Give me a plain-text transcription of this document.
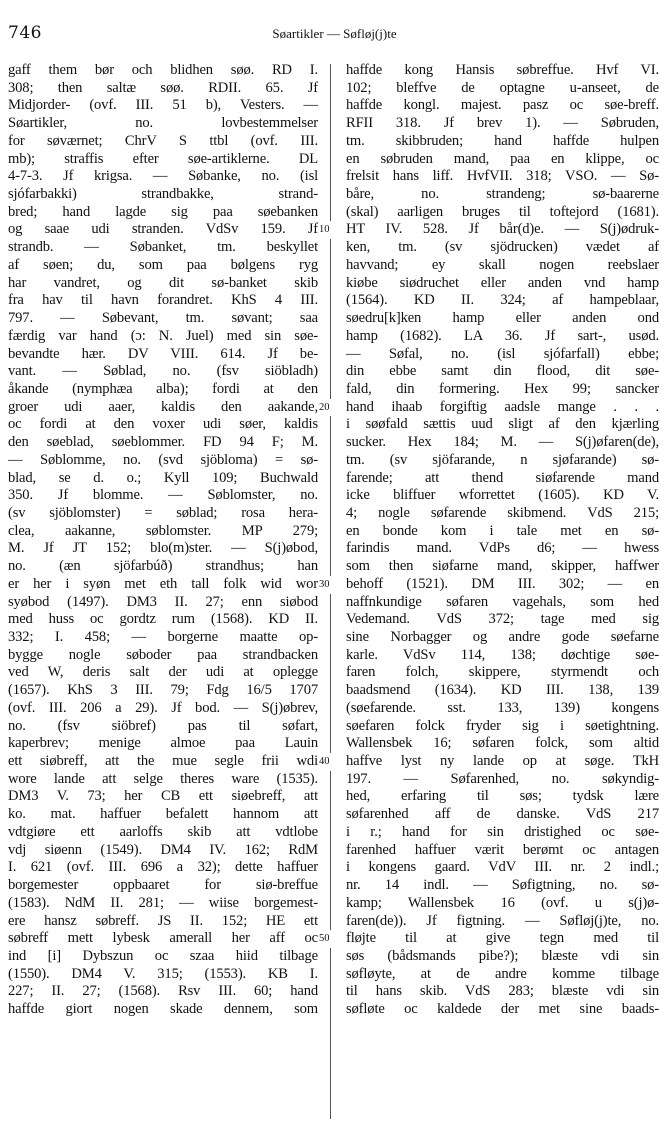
746	Søartikler — Søfløj(j)te
gaff them bør och blidhen søø. RD I.
308; then saltæ søø. RDII. 65. Jf
Midjorder- (ovf. III. 51 b), Vesters. —
Søartikler, no. lovbestemmelser
for søværnet; ChrV S ttbl (ovf. III.
mb); straffis efter søe-artiklerne. DL
4-7-3. Jf krigsa. — Søbanke, no. (isl
sjófarbakki) strandbakke, strand-
bred; hand lagde sig paa søebanken
og saae udi stranden. VdSv 159. Jf
strandb. — Søbanket, tm. beskyllet
af søen; du, som paa bølgens ryg
har vandret, og dit sø-banket skib
fra hav til havn forandret. KhS 4 III.
797. — Søbevant, tm. søvant; saa
færdig var hand (ɔ: N. Juel) med sin søe-
bevandte hær. DV VIII. 614. Jf be-
vant. — Søblad, no. (fsv siöbladh)
åkande (nymphæa alba); fordi at den
groer udi aaer, kaldis den aakande,
oc fordi at den voxer udi søer, kaldis
den søeblad, søeblommer. FD 94 F; M.
— Søblomme, no. (svd sjöbloma) = sø-
blad, se d. o.; Kyll 109; Buchwald
350. Jf blomme. — Søblomster, no.
(sv sjöblomster) = søblad; rosa hera-
clea, aakanne, søblomster. MP 279;
M. Jf JT 152; blo(m)ster. — S(j)øbod,
no. (æn sjöfarbúð) strandhus; han
er her i syøn met eth tall folk wid wor
syøbod (1497). DM3 II. 27; enn siøbod
med huss oc gordtz rum (1568). KD II.
332; I. 458; — borgerne maatte op-
bygge nogle søboder paa strandbacken
ved W, deris salt der udi at oplegge
(1657). KhS 3 III. 79; Fdg 16/5 1707
(ovf. III. 206 a 29). Jf bod. — S(j)øbrev,
no. (fsv siöbref) pas til søfart,
kaperbrev; menige almoe paa Lauin
ett siøbreff, att the mue segle frii wdi
wore lande att selge theres ware (1535).
DM3 V. 73; her CB ett siøebreff, att
ko. mat. haffuer befalett hannom att
vdtgiøre ett aarloffs skib att vdtlobe
vdj siøenn (1549). DM4 IV. 162; RdM
I. 621 (ovf. III. 696 a 32); dette haffuer
borgemester oppbaaret for siø-breffue
(1583). NdM II. 281; — wiise borgemest-
ere hansz søbreff. JS II. 152; HE ett
søbreff mett lybesk amerall her aff oc
ind [i] Dybszun oc szaa hiid tilbage
(1550). DM4 V. 315; (1553). KB I.
227; II. 27; (1568). Rsv III. 60; hand
haffde giort nogen skade dennem, som
haffde kong Hansis søbreffue. Hvf VI.
102; bleffve de optagne u-anseet, de
haffde kongl. majest. pasz oc søe-breff.
RFII 318. Jf brev 1). — Søbruden,
tm. skibbruden; hand haffde hulpen
en søbruden mand, paa en klippe, oc
frelsit hans liff. HvfVII. 318; VSO. — Sø-
båre, no. strandeng; sø-baarerne
(skal) aarligen bruges til toftejord (1681).
HT IV. 528. Jf bår(d)e. — S(j)ødruk-
ken, tm. (sv sjödrucken) vædet af
havvand; ey skall nogen reebslaer
kiøbe siødruchet eller anden vnd hamp
(1564). KD II. 324; af hampeblaar,
søedru[k]ken hamp eller anden ond
hamp (1682). LA 36. Jf sart-, usød.
— Søfal, no. (isl sjófarfall) ebbe;
din ebbe samt din flood, dit søe-
fald, din formering. Hex 99; sancker
hand ihaab forgiftig aadsle mange . . .
i søøfald sættis uud sligt af den kjærling
sucker. Hex 184; M. — S(j)øfaren(de),
tm. (sv sjöfarande, n sjøfarande) sø-
farende; att thend siøfarende mand
icke bliffuer wforrettet (1605). KD V.
4; nogle søfarende skibmend. VdS 215;
en bonde kom i tale met en sø-
farindis mand. VdPs d6; — hwess
som then siøfarne mand, skipper, haffwer
behoff (1521). DM III. 302; — en
naffnkundige søfaren vagehals, som hed
Vedemand. VdS 372; tage med sig
sine Norbagger og andre gode søefarne
karle. VdSv 114, 138; døchtige søe-
faren folch, skippere, styrmendt och
baadsmend (1634). KD III. 138, 139
(søefarende. sst. 133, 139) kongens
søefaren folck fryder sig i søetightning.
Wallensbek 16; søfaren folck, som altid
haffve lyst ny lande op at søge. TkH
197. — Søfarenhed, no. søkyndig-
hed, erfaring til søs; tydsk lære
søfarenhed aff de danske. VdS 217
i r.; hand for sin dristighed oc søe-
farenhed haffuer værit berømt oc antagen
i kongens gaard. VdV III. nr. 2 indl.;
nr. 14 indl. — Søfigtning, no. sø-
kamp; Wallensbek 16 (ovf. u s(j)ø-
faren(de)). Jf figtning. — Søfløj(j)te, no.
fløjte til at give tegn med til
søs (bådsmands pibe?); blæste vdi sin
søfløyte, at de andre komme tilbage
til hans skib. VdS 283; blæste vdi sin
søfløte oc kaldede der met sine baads-
10
20
30
40
50
